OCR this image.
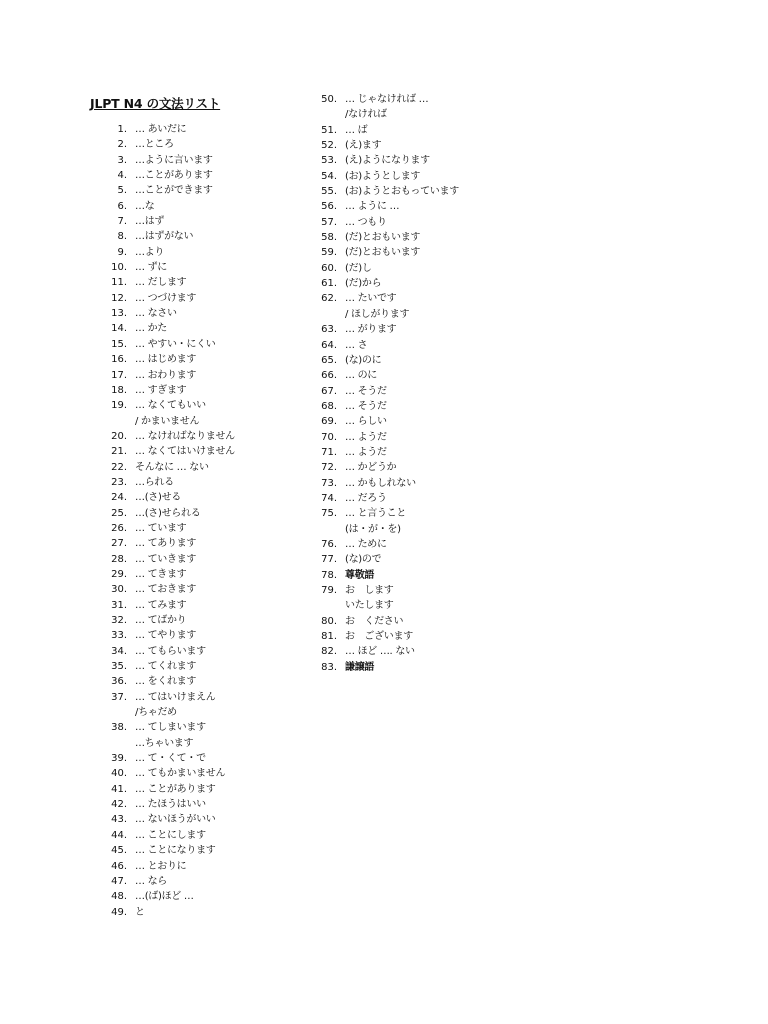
JLPT N4 の文法リスト
1. … あいだに
2. …ところ
3. …ように言います
4. …ことがあります
5. …ことができます
6. …な
7. …はず
8. …はずがない
9. …より
10. … ずに
11. … だします
12. … つづけます
13. … なさい
14. … かた
15. … やすい・にくい
16. … はじめます
17. … おわります
18. … すぎます
19. … なくてもいい
/ かまいません
20. … なければなりません
21. … なくてはいけません
22. そんなに … ない
23. …られる
24. …(さ)せる
25. …(さ)せられる
26. … ています
27. … てあります
28. … ていきます
29. … てきます
30. … ておきます
31. … てみます
32. … てばかり
33. … てやります
34. … てもらいます
35. … てくれます
36. … をくれます
37. … てはいけまえん
/ちゃだめ
38. … てしまいます
…ちゃいます
39. … て・くて・で
40. … てもかまいません
41. … ことがあります
42. … たほうはいい
43. … ないほうがいい
44. … ことにします
45. … ことになります
46. … とおりに
47. … なら
48. …(ば)ほど …
49. と
50. … じゃなければ …
/なければ
51. … ば
52. (え)ます
53. (え)ようになります
54. (お)ようとします
55. (お)ようとおもっています
56. … ように …
57. … つもり
58. (だ)とおもいます
59. (だ)とおもいます
60. (だ)し
61. (だ)から
62. … たいです
/ ほしがります
63. … がります
64. … さ
65. (な)のに
66. … のに
67. … そうだ
68. … そうだ
69. … らしい
70. … ようだ
71. … ようだ
72. … かどうか
73. … かもしれない
74. … だろう
75. … と言うこと
(は・が・を)
76. … ために
77. (な)ので
78. 尊敬語
79. お　します
いたします
80. お　ください
81. お　ございます
82. … ほど …. ない
83. 謙譲語
